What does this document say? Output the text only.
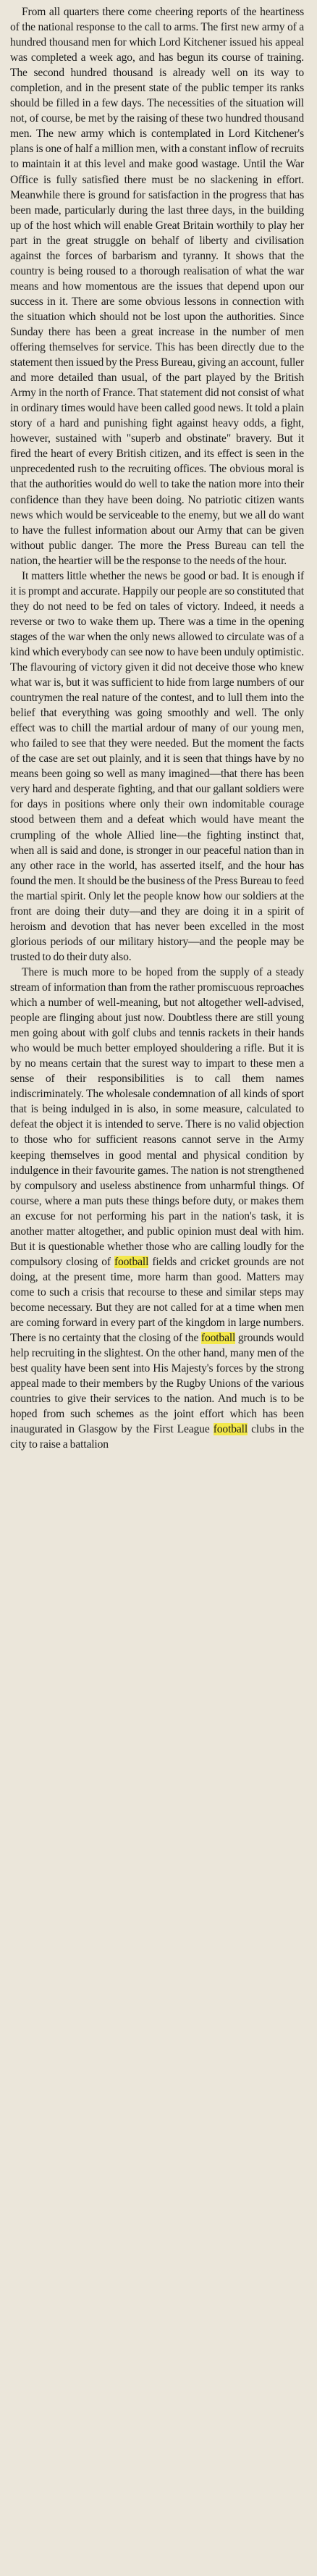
From all quarters there come cheering reports of the heartiness of the national response to the call to arms. The first new army of a hundred thousand men for which Lord Kitchener issued his appeal was completed a week ago, and has begun its course of training. The second hundred thousand is already well on its way to completion, and in the present state of the public temper its ranks should be filled in a few days. The necessities of the situation will not, of course, be met by the raising of these two hundred thousand men. The new army which is contemplated in Lord Kitchener's plans is one of half a million men, with a constant inflow of recruits to maintain it at this level and make good wastage. Until the War Office is fully satisfied there must be no slackening in effort. Meanwhile there is ground for satisfaction in the progress that has been made, particularly during the last three days, in the building up of the host which will enable Great Britain worthily to play her part in the great struggle on behalf of liberty and civilisation against the forces of barbarism and tyranny. It shows that the country is being roused to a thorough realisation of what the war means and how momentous are the issues that depend upon our success in it. There are some obvious lessons in connection with the situation which should not be lost upon the authorities. Since Sunday there has been a great increase in the number of men offering themselves for service. This has been directly due to the statement then issued by the Press Bureau, giving an account, fuller and more detailed than usual, of the part played by the British Army in the north of France. That statement did not consist of what in ordinary times would have been called good news. It told a plain story of a hard and punishing fight against heavy odds, a fight, however, sustained with "superb and obstinate" bravery. But it fired the heart of every British citizen, and its effect is seen in the unprecedented rush to the recruiting offices. The obvious moral is that the authorities would do well to take the nation more into their confidence than they have been doing. No patriotic citizen wants news which would be serviceable to the enemy, but we all do want to have the fullest information about our Army that can be given without public danger. The more the Press Bureau can tell the nation, the heartier will be the response to the needs of the hour.

It matters little whether the news be good or bad. It is enough if it is prompt and accurate. Happily our people are so constituted that they do not need to be fed on tales of victory. Indeed, it needs a reverse or two to wake them up. There was a time in the opening stages of the war when the only news allowed to circulate was of a kind which everybody can see now to have been unduly optimistic. The flavouring of victory given it did not deceive those who knew what war is, but it was sufficient to hide from large numbers of our countrymen the real nature of the contest, and to lull them into the belief that everything was going smoothly and well. The only effect was to chill the martial ardour of many of our young men, who failed to see that they were needed. But the moment the facts of the case are set out plainly, and it is seen that things have by no means been going so well as many imagined—that there has been very hard and desperate fighting, and that our gallant soldiers were for days in positions where only their own indomitable courage stood between them and a defeat which would have meant the crumpling of the whole Allied line—the fighting instinct that, when all is said and done, is stronger in our peaceful nation than in any other race in the world, has asserted itself, and the hour has found the men. It should be the business of the Press Bureau to feed the martial spirit. Only let the people know how our soldiers at the front are doing their duty—and they are doing it in a spirit of heroism and devotion that has never been excelled in the most glorious periods of our military history—and the people may be trusted to do their duty also.

There is much more to be hoped from the supply of a steady stream of information than from the rather promiscuous reproaches which a number of well-meaning, but not altogether well-advised, people are flinging about just now. Doubtless there are still young men going about with golf clubs and tennis rackets in their hands who would be much better employed shouldering a rifle. But it is by no means certain that the surest way to impart to these men a sense of their responsibilities is to call them names indiscriminately. The wholesale condemnation of all kinds of sport that is being indulged in is also, in some measure, calculated to defeat the object it is intended to serve. There is no valid objection to those who for sufficient reasons cannot serve in the Army keeping themselves in good mental and physical condition by indulgence in their favourite games. The nation is not strengthened by compulsory and useless abstinence from unharmful things. Of course, where a man puts these things before duty, or makes them an excuse for not performing his part in the nation's task, it is another matter altogether, and public opinion must deal with him. But it is questionable whether those who are calling loudly for the compulsory closing of football fields and cricket grounds are not doing, at the present time, more harm than good. Matters may come to such a crisis that recourse to these and similar steps may become necessary. But they are not called for at a time when men are coming forward in every part of the kingdom in large numbers. There is no certainty that the closing of the football grounds would help recruiting in the slightest. On the other hand, many men of the best quality have been sent into His Majesty's forces by the strong appeal made to their members by the Rugby Unions of the various countries to give their services to the nation. And much is to be hoped from such schemes as the joint effort which has been inaugurated in Glasgow by the First League football clubs in the city to raise a battalion
